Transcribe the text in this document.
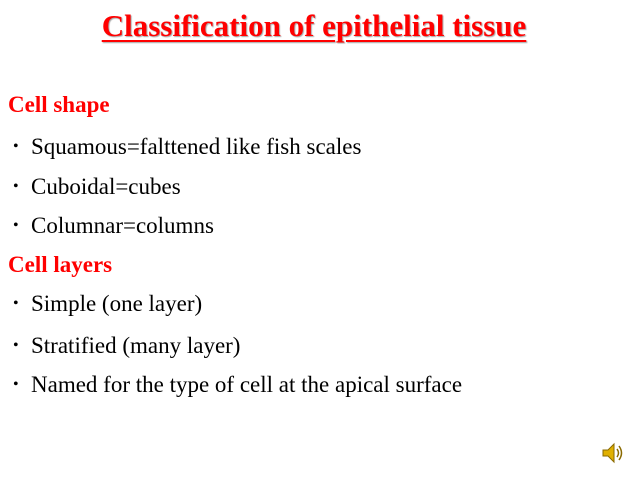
Classification of epithelial tissue
Cell shape
• Squamous=falttened like fish scales
• Cuboidal=cubes
• Columnar=columns
Cell layers
• Simple (one layer)
• Stratified (many layer)
• Named for the type of cell at the apical surface
